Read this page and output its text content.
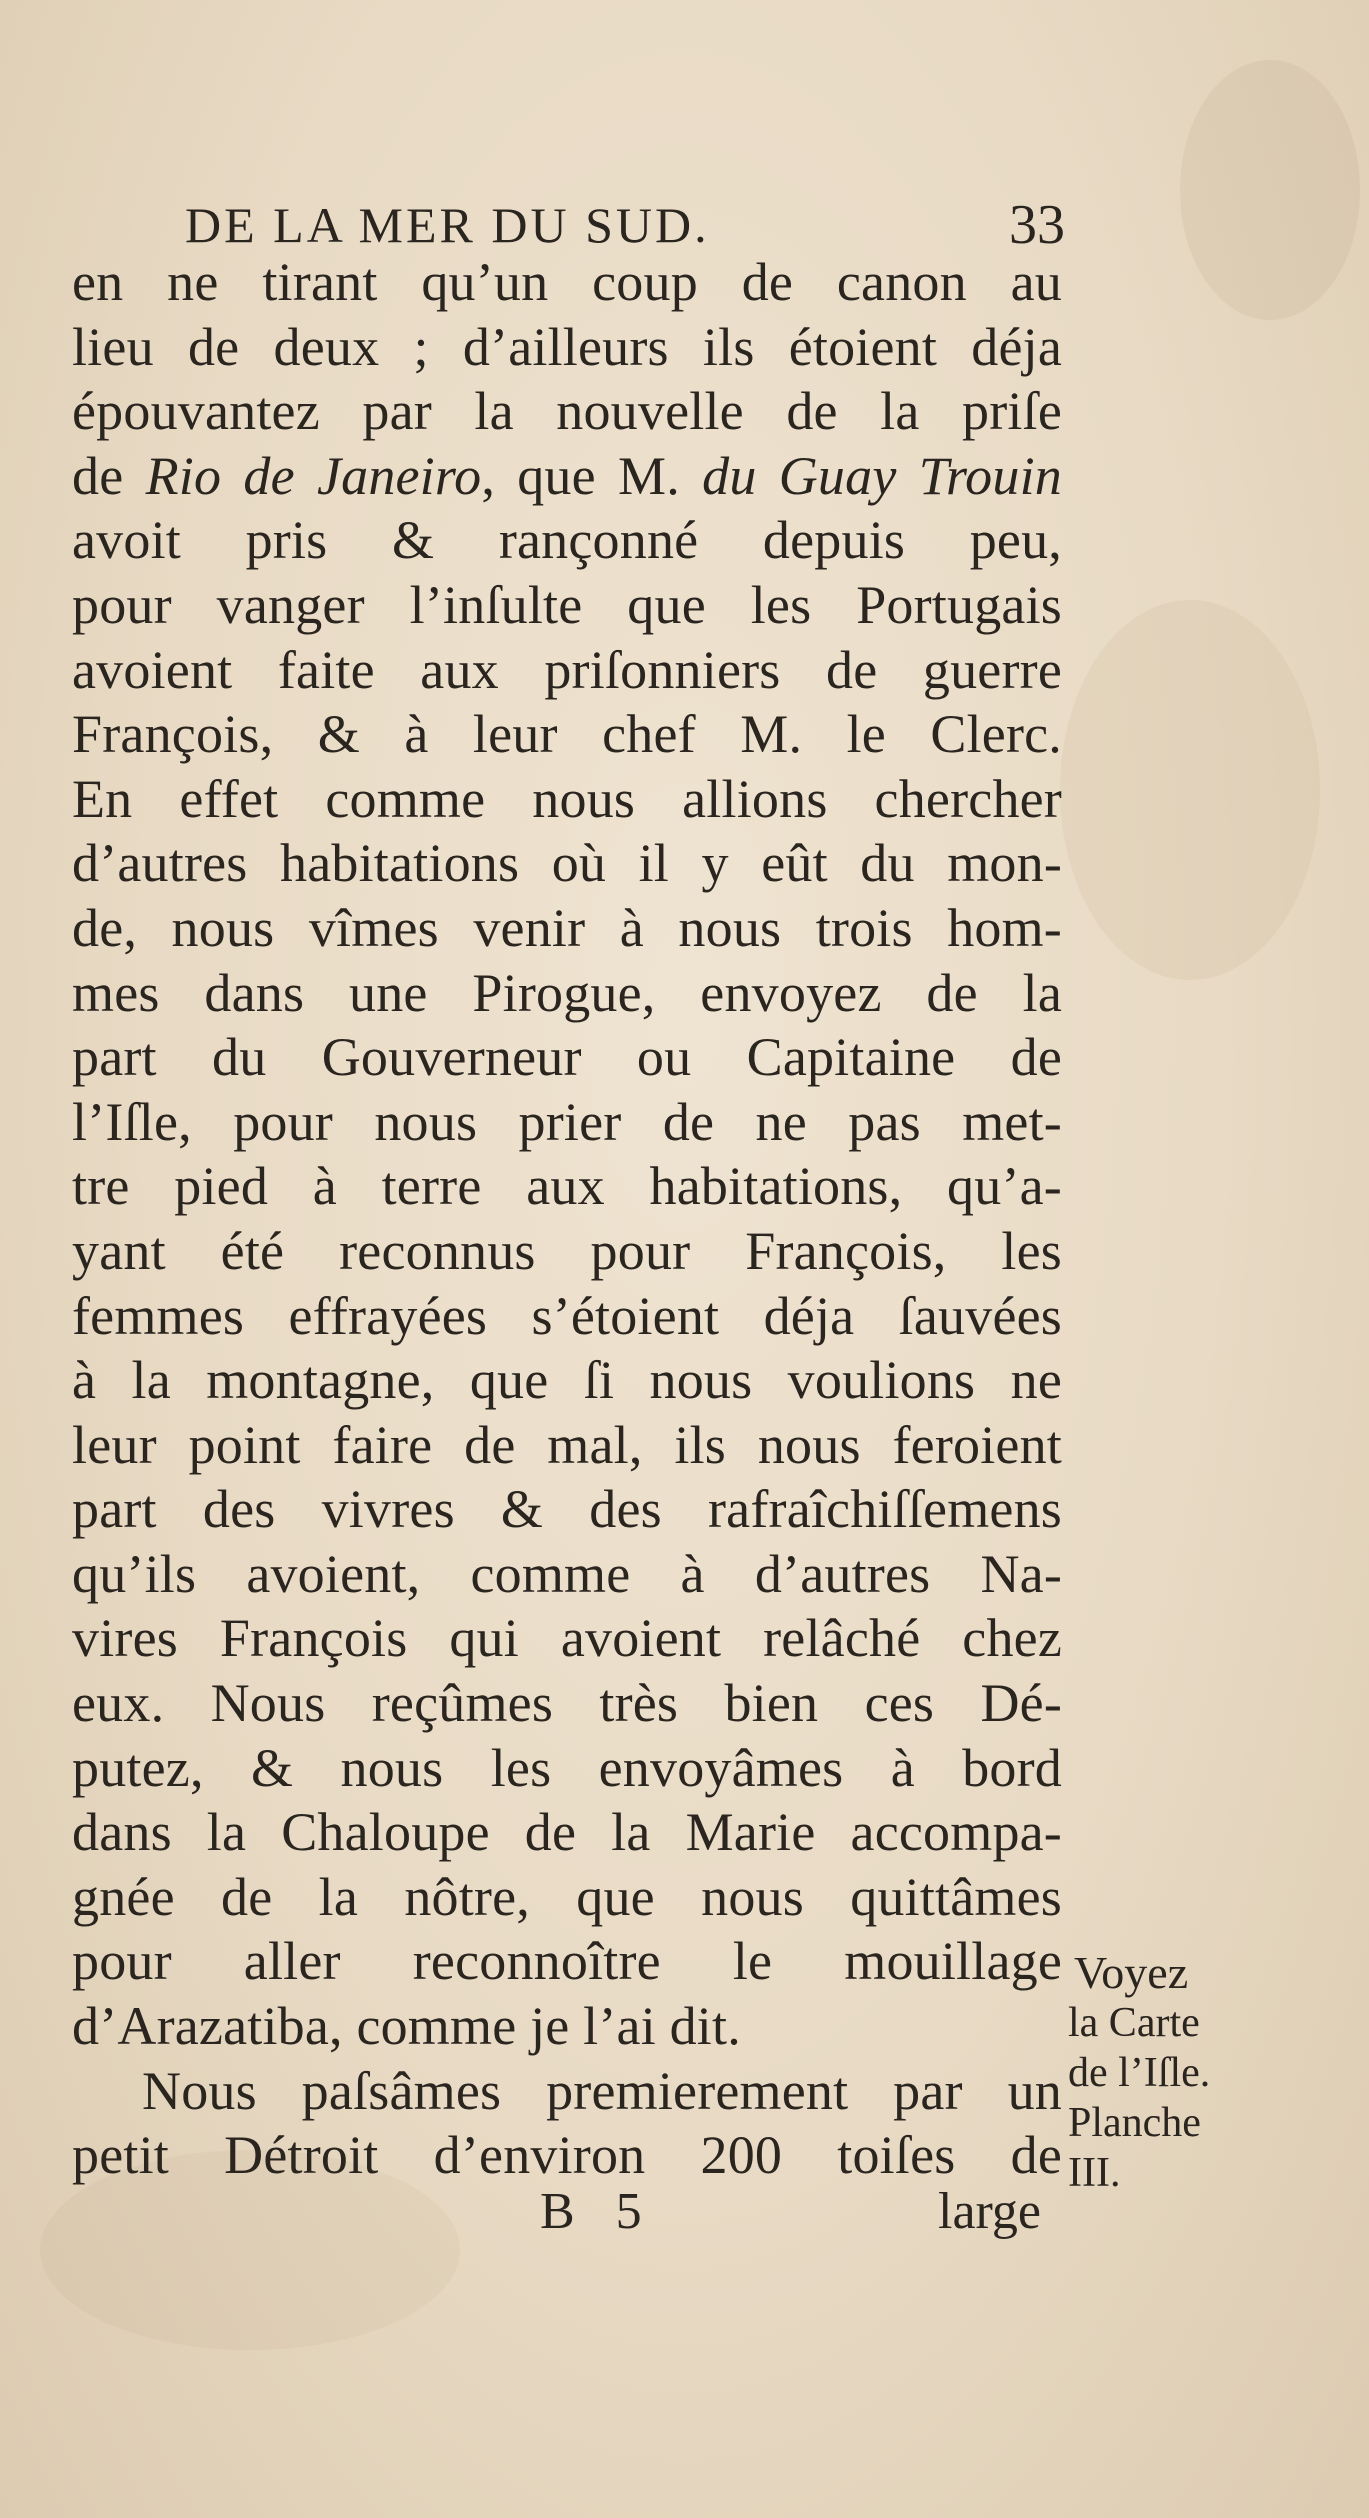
DE LA MER DU SUD.	33
en ne tirant qu’un coup de canon au
lieu de deux ; d’ailleurs ils étoient déja
épouvantez par la nouvelle de la priſe
de Rio de Janeiro, que M. du Guay Trouin
avoit pris & rançonné depuis peu,
pour vanger l’inſulte que les Portugais
avoient faite aux priſonniers de guerre
François, & à leur chef M. le Clerc.
En effet comme nous allions chercher
d’autres habitations où il y eût du mon-
de, nous vîmes venir à nous trois hom-
mes dans une Pirogue, envoyez de la
part du Gouverneur ou Capitaine de
l’Iſle, pour nous prier de ne pas met-
tre pied à terre aux habitations, qu’a-
yant été reconnus pour François, les
femmes effrayées s’étoient déja ſauvées
à la montagne, que ſi nous voulions ne
leur point faire de mal, ils nous feroient
part des vivres & des rafraîchiſſemens
qu’ils avoient, comme à d’autres Na-
vires François qui avoient relâché chez
eux. Nous reçûmes très bien ces Dé-
putez, & nous les envoyâmes à bord
dans la Chaloupe de la Marie accompa-
gnée de la nôtre, que nous quittâmes
pour aller reconnoître le mouillage
d’Arazatiba, comme je l’ai dit.
Nous paſsâmes premierement par un
petit Détroit d’environ 200 toiſes de
Voyez
la Carte
de l’Iſle.
Planche
III.
B 5	large
